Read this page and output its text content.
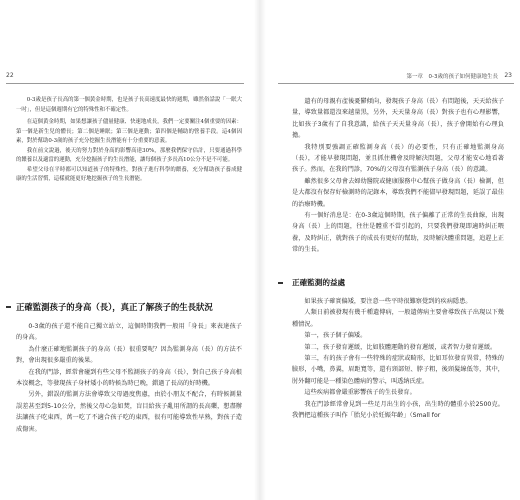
22

0-3歲是孩子長高的第一個黃金時期，也是孩子長高速度最快的週期，雖然俗話說「一眠大一吋」，但是這個週期有它的特殊性和不確定性。

在這個黃金時期，如果想讓孩子儘量健康、快速地成長，我們一定要關注4個重要的因素：第一個是新生兒的體長；第二個是睡眠；第三個是運動；第四個是輔助的營養手段。這4個因素，對於幫助0-3歲的孩子充分挖掘生長潛能有十分重要的意義。

我在前文說過，後天的努力對於身高的影響高達30%，那麼我們保守估計，只要通過科學的餵養以及適當的運動，充分挖掘孩子的生長潛能，讓每個孩子多長高10公分不是不可能。

希望父母在平時都可以知道孩子的特殊性，對孩子進行科學的餵養，充分幫助孩子養成健康的生活習慣，這樣就能更好地挖掘孩子的生長潛能。

正確監測孩子的身高（長），真正了解孩子的生長狀況

0-3歲的孩子還不能自己獨立站立，這個時期我們一般用「身長」來表達孩子的身高。

為什麼正確地監測孩子的身高（長）很重要呢？因為監測身高（長）的方法不對，會出現很多嚴重的後果。

在我的門診，經常會碰到有些父母不監測孩子的身高（長），對自己孩子身高根本沒概念，等發現孩子身材矮小的時候為時已晚，錯過了長高的好時機。

另外，錯誤的監測方法會導致父母過度焦慮，由於小朋友不配合，有時候測量誤差甚至到5-10公分，然後父母心急如焚，盲目給孩子亂用所謂的長高藥，想盡辦法讓孩子吃東西，萬一吃了不適合孩子吃的東西，很有可能導致性早熟，對孩子造成傷害。

第一章　0-3歲的孩子如何健康地生長 23

遺有的母親有產後憂鬱傾向，發現孩子身高（長）有問題後，天天給孩子量，導致量都還沒來越量黒，另外，天天量身高（長）對孩子也有心理影響，比如孩子3歲有了自我意識，給孩子天天量身高（長），孩子會開始有心理負擔。

我特別要強調正確監測身高（長）的必要性，只有正確地監測身高（長），才能早發現問題，並且抓住機會及時解決問題，父母才能安心地看著孩子。然而，在我的門診，70%的父母沒有監測孩子身高（長）的意識。

雖然很多父母會去婦幼醫院或健康服務中心幫孩子做身高（長）檢測，但是大都沒有保存好檢測時的記錄本，導致我們不能儘早發現問題，延誤了最佳的治療時機。

有一個好消息是：在0-3歲這個時期，孩子偏離了正常的生長曲線，出現身高（長）上的問題，往往是體重不當引起的，只要我們發現即適時糾正喂養，及時糾正，就對孩子的成長有更好的幫助，及時解決體重問題，追趕上正常的生長。

正確監測的益處

如果孩子確實偏矮，要注意一些平時很難察覺到的疾病隱患。

人類日前被發現有幾千種遺傳病，一般遺傳病主要會導致孩子出現以下幾種情況。

第一，孩子個子偏矮。

第二，孩子發育遲緩，比如肢體運動的發育遲緩，或者智力發育遲緩。

第三，有的孩子會有一些特殊的症狀或畸形，比如耳位發育異常，特殊的臉形，小嘴，鼻翼，眉距寬等，還有頸部短、脖子粗，後頸髮線低等，其中，肘外翻可能是一種染色體病的警示，叫透納氏症。

這些疾病都會嚴重影響孩子的生長發育。

我在門診經常會見到一些足月出生的小孩，出生時的體重小於2500克。我們把這種孩子叫作「胎兒小於妊娠年齡」（Small for
